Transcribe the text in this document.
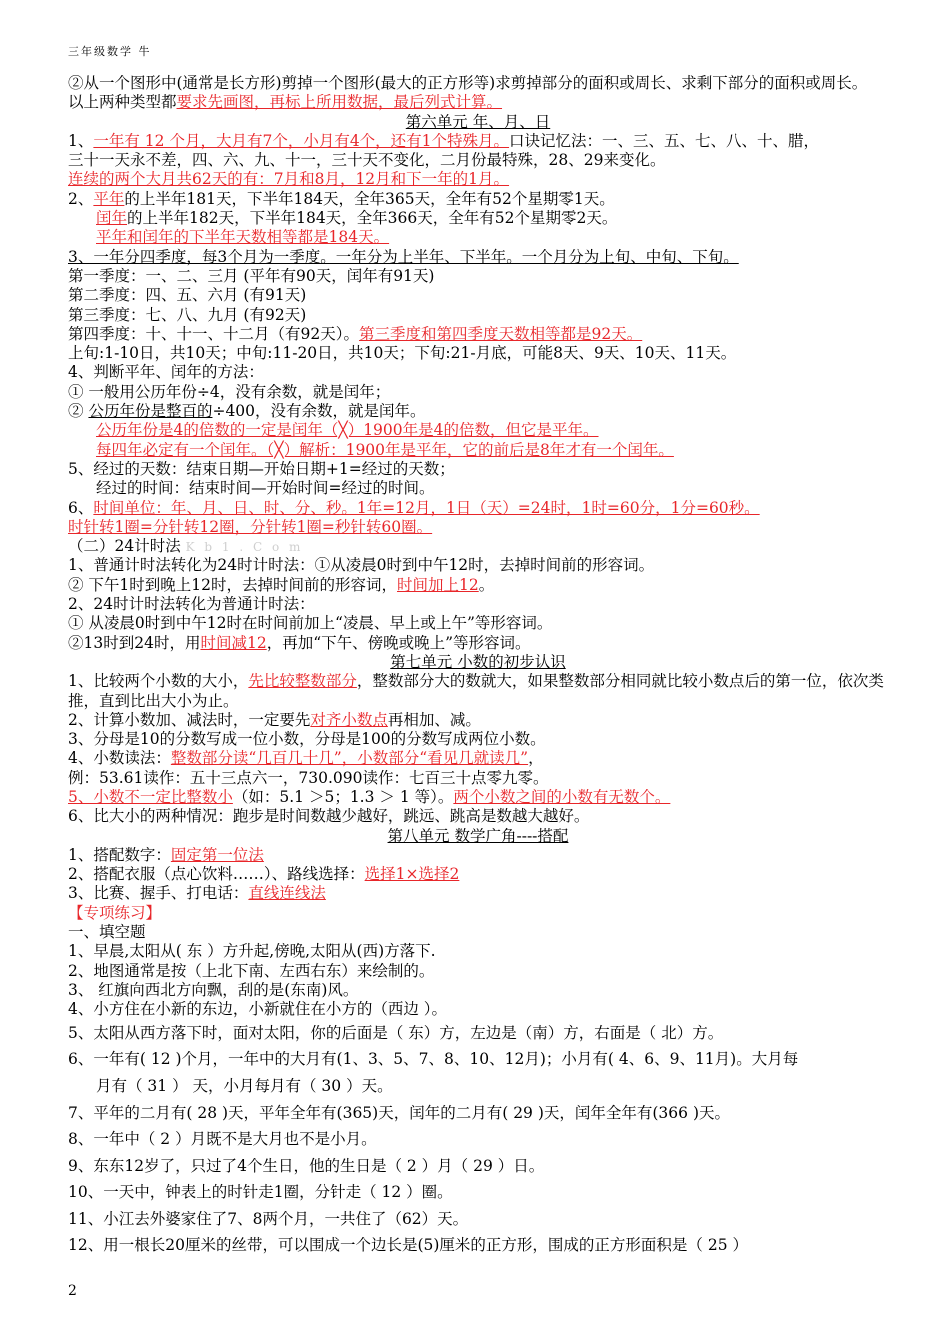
三年级数学 牛
②从一个图形中(通常是长方形)剪掉一个图形(最大的正方形等)求剪掉部分的面积或周长、求剩下部分的面积或周长。
以上两种类型都要求先画图，再标上所用数据，最后列式计算。
第六单元 年、月、日
1、一年有 12 个月，大月有7个，小月有4个，还有1个特殊月。口诀记忆法：一、三、五、七、八、十、腊，
三十一天永不差，四、六、九、十一，三十天不变化，二月份最特殊，28、29来变化。
连续的两个大月共62天的有：7月和8月，12月和下一年的1月。
2、平年的上半年181天，下半年184天，全年365天，全年有52个星期零1天。
闰年的上半年182天，下半年184天，全年366天，全年有52个星期零2天。
平年和闰年的下半年天数相等都是184天。
3、一年分四季度，每3个月为一季度。一年分为上半年、下半年。一个月分为上旬、中旬、下旬。
第一季度：一、二、三月 (平年有90天，闰年有91天)
第二季度：四、五、六月 (有91天)
第三季度：七、八、九月 (有92天)
第四季度：十、十一、十二月（有92天）。第三季度和第四季度天数相等都是92天。
上旬:1-10日，共10天；中旬:11-20日，共10天；下旬:21-月底，可能8天、9天、10天、11天。
4、判断平年、闰年的方法：
① 一般用公历年份÷4，没有余数，就是闰年；
② 公历年份是整百的÷400，没有余数，就是闰年。
公历年份是4的倍数的一定是闰年（╳）1900年是4的倍数，但它是平年。
每四年必定有一个闰年。（╳）解析：1900年是平年，它的前后是8年才有一个闰年。
5、经过的天数：结束日期—开始日期+1=经过的天数；
经过的时间：结束时间—开始时间=经过的时间。
6、时间单位：年、月、日、时、分、秒。1年=12月，1日（天）=24时，1时=60分，1分=60秒。
时针转1圈=分针转12圈，分针转1圈=秒针转60圈。
（二）24计时法 K b 1 . C o m
1、普通计时法转化为24时计时法：①从凌晨0时到中午12时，去掉时间前的形容词。
② 下午1时到晚上12时，去掉时间前的形容词，时间加上12。
2、24时计时法转化为普通计时法：
① 从凌晨0时到中午12时在时间前加上“凌晨、早上或上午”等形容词。
②13时到24时，用时间减12，再加“下午、傍晚或晚上”等形容词。
第七单元 小数的初步认识
1、比较两个小数的大小，先比较整数部分，整数部分大的数就大，如果整数部分相同就比较小数点后的第一位，依次类推，直到比出大小为止。
2、计算小数加、减法时，一定要先对齐小数点再相加、减。
3、分母是10的分数写成一位小数，分母是100的分数写成两位小数。
4、小数读法：整数部分读“几百几十几”，小数部分“看见几就读几”，
例：53.61读作：五十三点六一，730.090读作：七百三十点零九零。
5、小数不一定比整数小（如：5.1 ＞5；1.3 ＞ 1 等）。两个小数之间的小数有无数个。
6、比大小的两种情况：跑步是时间数越少越好，跳远、跳高是数越大越好。
第八单元 数学广角----搭配
1、搭配数字：固定第一位法
2、搭配衣服（点心饮料……）、路线选择：选择1×选择2
3、比赛、握手、打电话：直线连线法
【专项练习】
一、填空题
1、早晨,太阳从( 东 ）方升起,傍晚,太阳从(西)方落下.
2、地图通常是按（上北下南、左西右东）来绘制的。
3、 红旗向西北方向飘，刮的是(东南)风。
4、小方住在小新的东边，小新就住在小方的（西边 ）。
5、太阳从西方落下时，面对太阳，你的后面是（ 东）方，左边是（南）方，右面是（ 北）方。
6、一年有( 12 )个月，一年中的大月有(1、3、5、7、8、10、12月)；小月有( 4、6、9、11月)。大月每
月有（ 31 ） 天，小月每月有（ 30 ）天。
7、平年的二月有( 28 )天，平年全年有(365)天，闰年的二月有( 29 )天，闰年全年有(366 )天。
8、一年中（ 2 ）月既不是大月也不是小月。
9、东东12岁了，只过了4个生日，他的生日是（ 2 ）月（ 29 ）日。
10、一天中，钟表上的时针走1圈，分针走（ 12 ）圈。
11、小江去外婆家住了7、8两个月，一共住了（62）天。
12、用一根长20厘米的丝带，可以围成一个边长是(5)厘米的正方形，围成的正方形面积是（ 25 ）
2
